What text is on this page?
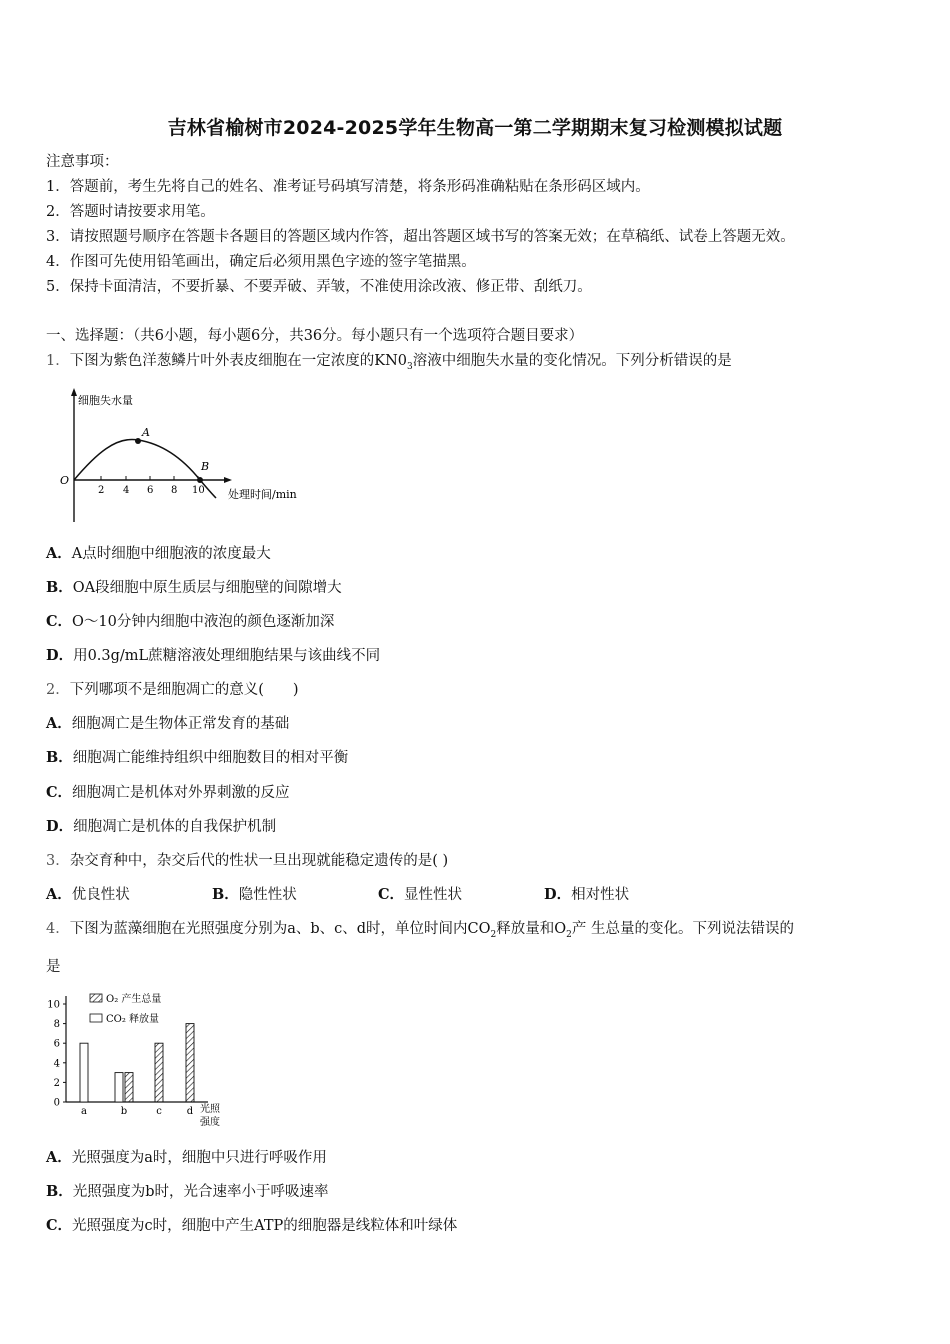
吉林省榆树市2024-2025学年生物高一第二学期期末复习检测模拟试题
注意事项：
1．答题前，考生先将自己的姓名、准考证号码填写清楚，将条形码准确粘贴在条形码区域内。
2．答题时请按要求用笔。
3．请按照题号顺序在答题卡各题目的答题区域内作答，超出答题区域书写的答案无效；在草稿纸、试卷上答题无效。
4．作图可先使用铅笔画出，确定后必须用黑色字迹的签字笔描黑。
5．保持卡面清洁，不要折暴、不要弄破、弄皱，不准使用涂改液、修正带、刮纸刀。
一、选择题：（共6小题，每小题6分，共36分。每小题只有一个选项符合题目要求）
1．下图为紫色洋葱鳞片叶外表皮细胞在一定浓度的$KN0_3$溶液中细胞失水量的变化情况。下列分析错误的是
细胞失水量
处理时间/min
O
2 4 6 8 10
A
B
A．A点时细胞中细胞液的浓度最大
B．OA段细胞中原生质层与细胞壁的间隙增大
C．O～10分钟内细胞中液泡的颜色逐渐加深
D．用0.3g/mL蔗糖溶液处理细胞结果与该曲线不同
2．下列哪项不是细胞凋亡的意义(　　)
A．细胞凋亡是生物体正常发育的基础
B．细胞凋亡能维持组织中细胞数目的相对平衡
C．细胞凋亡是机体对外界刺激的反应
D．细胞凋亡是机体的自我保护机制
3．杂交育种中，杂交后代的性状一旦出现就能稳定遗传的是( )
A．优良性状	B．隐性性状	C．显性性状	D．相对性状
4．下图为蓝藻细胞在光照强度分别为a、b、c、d时，单位时间内$CO_2$释放量和$O_2$产 生总量的变化。下列说法错误的
是
O₂ 产生总量
CO₂ 释放量
0
2
4
6
8
10
a	b	c d 光照
强度
A．光照强度为a时，细胞中只进行呼吸作用
B．光照强度为b时，光合速率小于呼吸速率
C．光照强度为c时，细胞中产生ATP的细胞器是线粒体和叶绿体
